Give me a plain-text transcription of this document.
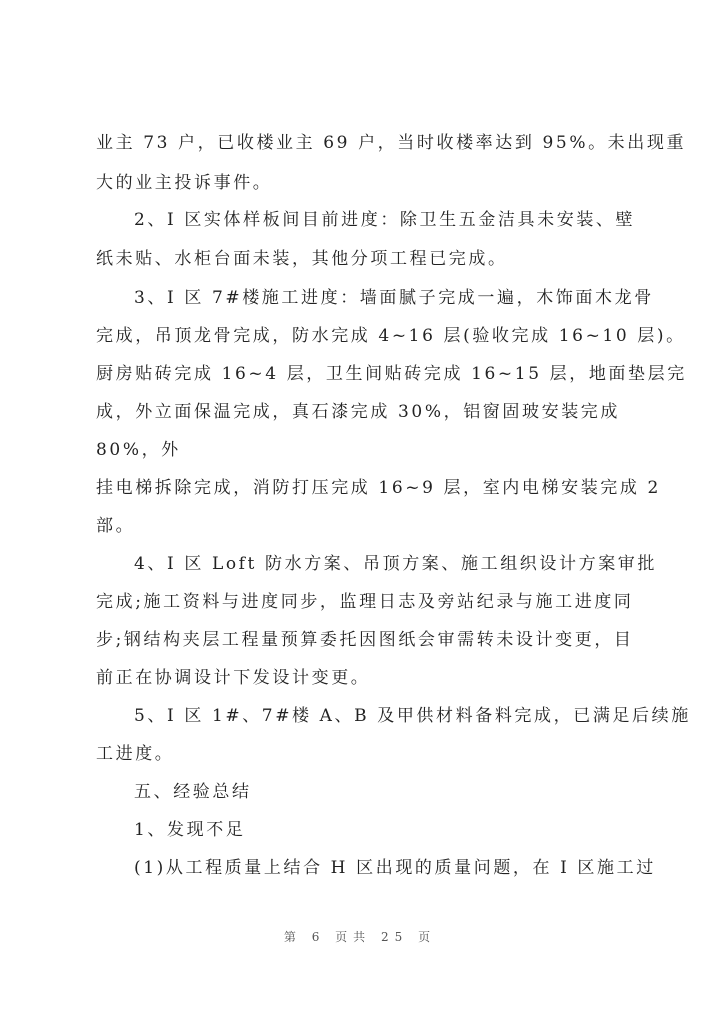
业主 73 户，已收楼业主 69 户，当时收楼率达到 95%。未出现重
大的业主投诉事件。
2、I 区实体样板间目前进度：除卫生五金洁具未安装、壁
纸未贴、水柜台面未装，其他分项工程已完成。
3、I 区 7#楼施工进度：墙面腻子完成一遍，木饰面木龙骨
完成，吊顶龙骨完成，防水完成 4~16 层(验收完成 16~10 层)。
厨房贴砖完成 16~4 层，卫生间贴砖完成 16~15 层，地面垫层完
成，外立面保温完成，真石漆完成 30%，铝窗固玻安装完成
80%，外
挂电梯拆除完成，消防打压完成 16~9 层，室内电梯安装完成 2
部。
4、I 区 Loft 防水方案、吊顶方案、施工组织设计方案审批
完成;施工资料与进度同步，监理日志及旁站纪录与施工进度同
步;钢结构夹层工程量预算委托因图纸会审需转未设计变更，目
前正在协调设计下发设计变更。
5、I 区 1#、7#楼 A、B 及甲供材料备料完成，已满足后续施
工进度。
五、经验总结
1、发现不足
(1)从工程质量上结合 H 区出现的质量问题，在 I 区施工过
第 6 页共 25 页
